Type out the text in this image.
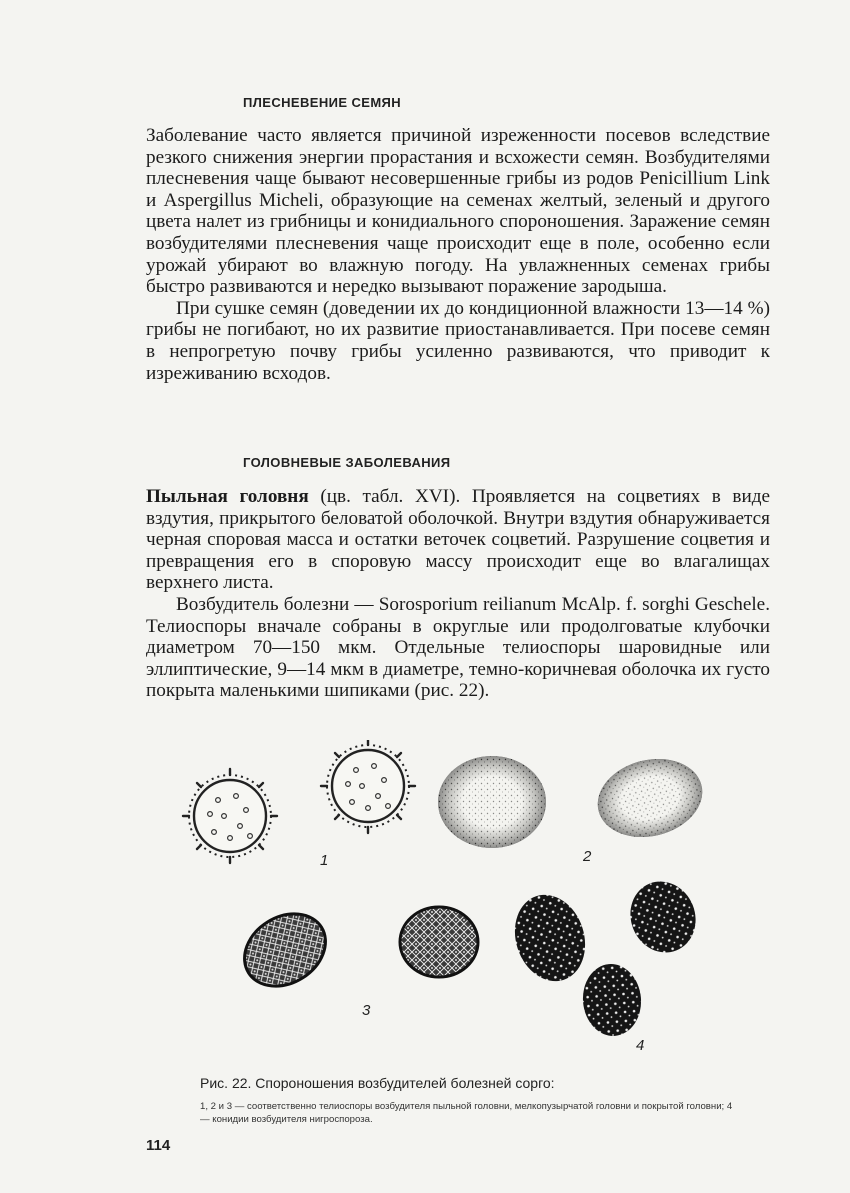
ПЛЕСНЕВЕНИЕ СЕМЯН

Заболевание часто является причиной изреженности посевов вследствие резкого снижения энергии прорастания и всхожести семян. Возбудителями плесневения чаще бывают несовершенные грибы из родов Penicillium Link и Aspergillus Micheli, образующие на семенах желтый, зеленый и другого цвета налет из грибницы и конидиального спороношения. Заражение семян возбудителями плесневения чаще происходит еще в поле, особенно если урожай убирают во влажную погоду. На увлажненных семенах грибы быстро развиваются и нередко вызывают поражение зародыша.

При сушке семян (доведении их до кондиционной влажности 13—14 %) грибы не погибают, но их развитие приостанавливается. При посеве семян в непрогретую почву грибы усиленно развиваются, что приводит к изреживанию всходов.

ГОЛОВНЕВЫЕ ЗАБОЛЕВАНИЯ

Пыльная головня (цв. табл. XVI). Проявляется на соцветиях в виде вздутия, прикрытого беловатой оболочкой. Внутри вздутия обнаруживается черная споровая масса и остатки веточек соцветий. Разрушение соцветия и превращения его в споровую массу происходит еще во влагалищах верхнего листа.

Возбудитель болезни — Sorosporium reilianum McAlp. f. sorghi Geschele. Телиоспоры вначале собраны в округлые или продолговатые клубочки диаметром 70—150 мкм. Отдельные телиоспоры шаровидные или эллиптические, 9—14 мкм в диаметре, темно-коричневая оболочка их густо покрыта маленькими шипиками (рис. 22).

1	2
3
4
Рис. 22. Спороношения возбудителей болезней сорго:
1, 2 и 3 — соответственно телиоспоры возбудителя пыльной головни, мелкопузырчатой головни и покрытой головни; 4 — конидии возбудителя нигроспороза.
114
